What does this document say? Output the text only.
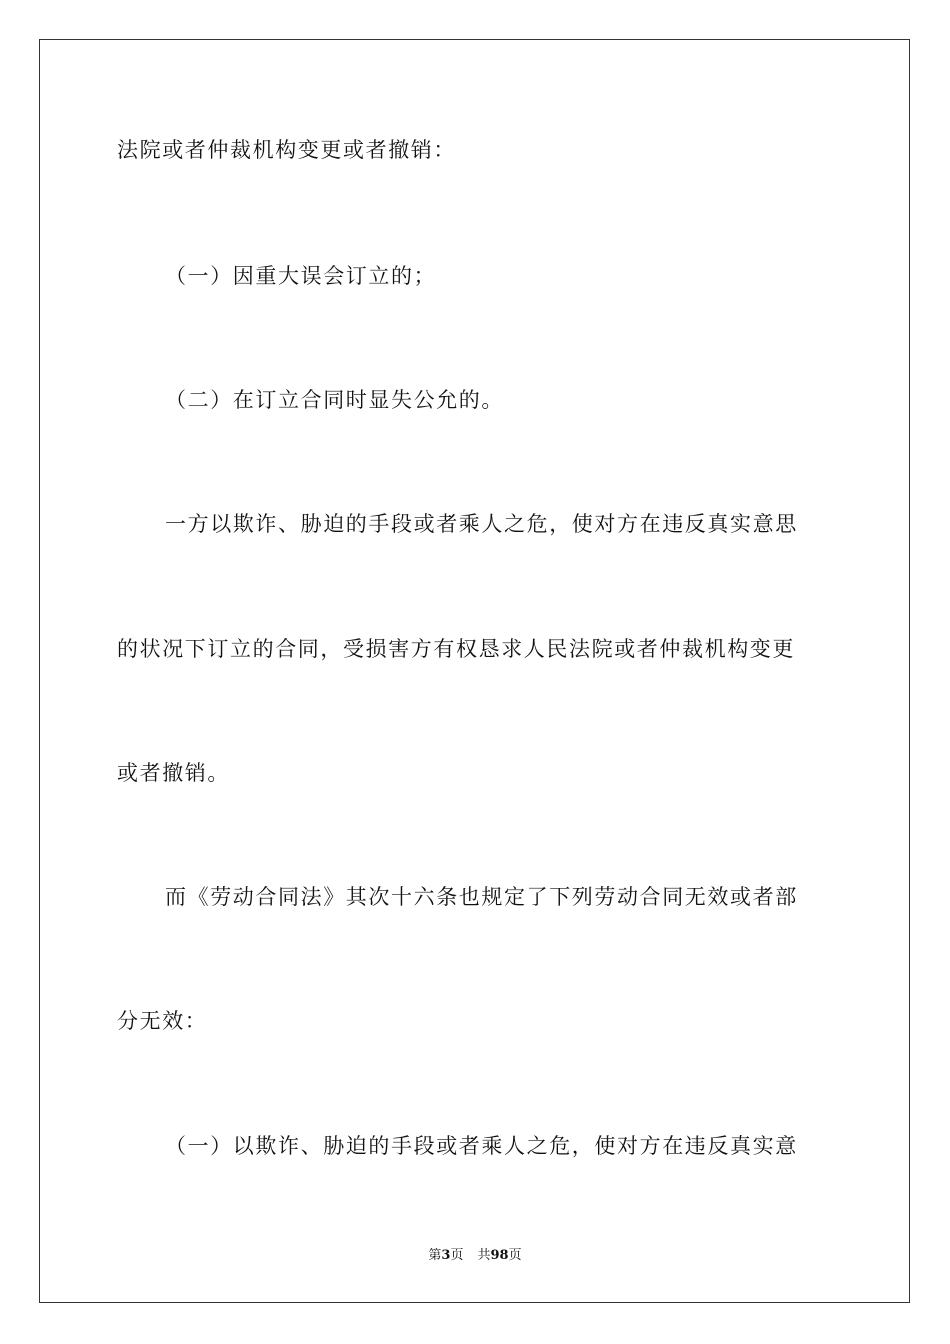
法院或者仲裁机构变更或者撤销：
（一）因重大误会订立的；
（二）在订立合同时显失公允的。
一方以欺诈、胁迫的手段或者乘人之危，使对方在违反真实意思
的状况下订立的合同，受损害方有权恳求人民法院或者仲裁机构变更
或者撤销。
而《劳动合同法》其次十六条也规定了下列劳动合同无效或者部
分无效：
（一）以欺诈、胁迫的手段或者乘人之危，使对方在违反真实意
第3页 共98页
